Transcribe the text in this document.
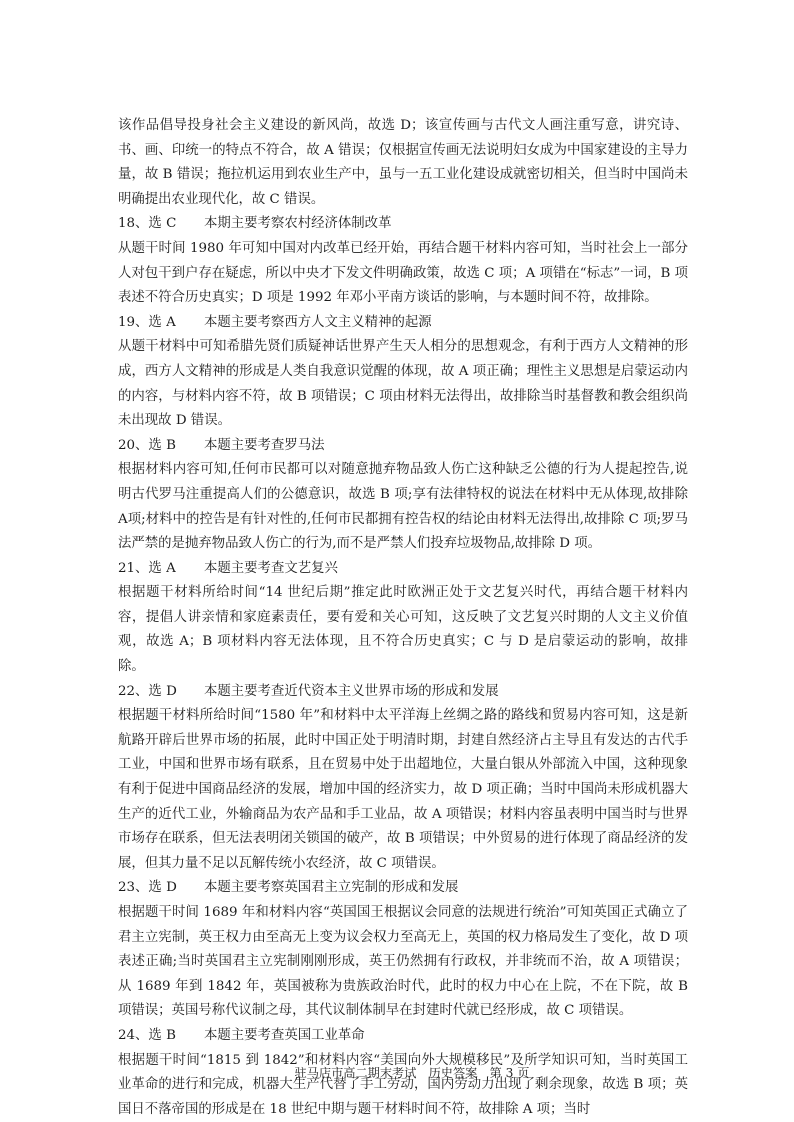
该作品倡导投身社会主义建设的新风尚，故选 D；该宣传画与古代文人画注重写意，讲究诗、书、画、印统一的特点不符合，故 A 错误；仅根据宣传画无法说明妇女成为中国家建设的主导力量，故 B 错误；拖拉机运用到农业生产中，虽与一五工业化建设成就密切相关，但当时中国尚未明确提出农业现代化，故 C 错误。

18、选 C 本期主要考察农村经济体制改革

从题干时间 1980 年可知中国对内改革已经开始，再结合题干材料内容可知，当时社会上一部分人对包干到户存在疑虑，所以中央才下发文件明确政策，故选 C 项；A 项错在“标志”一词，B 项表述不符合历史真实；D 项是 1992 年邓小平南方谈话的影响，与本题时间不符，故排除。

19、选 A 本题主要考察西方人文主义精神的起源

从题干材料中可知希腊先贤们质疑神话世界产生天人相分的思想观念，有利于西方人文精神的形成，西方人文精神的形成是人类自我意识觉醒的体现，故 A 项正确；理性主义思想是启蒙运动内的内容，与材料内容不符，故 B 项错误；C 项由材料无法得出，故排除当时基督教和教会组织尚未出现故 D 错误。

20、选 B 本题主要考查罗马法

根据材料内容可知,任何市民都可以对随意抛弃物品致人伤亡这种缺乏公德的行为人提起控告,说明古代罗马注重提高人们的公德意识，故选 B 项;享有法律特权的说法在材料中无从体现,故排除A项;材料中的控告是有针对性的,任何市民都拥有控告权的结论由材料无法得出,故排除 C 项;罗马法严禁的是抛弃物品致人伤亡的行为,而不是严禁人们投弃垃圾物品,故排除 D 项。

21、选 A 本题主要考查文艺复兴

根据题干材料所给时间“14 世纪后期”推定此时欧洲正处于文艺复兴时代，再结合题干材料内容，提倡人讲亲情和家庭素责任，要有爱和关心可知，这反映了文艺复兴时期的人文主义价值观，故选 A；B 项材料内容无法体现，且不符合历史真实；C 与 D 是启蒙运动的影响，故排除。

22、选 D 本题主要考查近代资本主义世界市场的形成和发展

根据题干材料所给时间“1580 年”和材料中太平洋海上丝绸之路的路线和贸易内容可知，这是新航路开辟后世界市场的拓展，此时中国正处于明清时期，封建自然经济占主导且有发达的古代手工业，中国和世界市场有联系，且在贸易中处于出超地位，大量白银从外部流入中国，这种现象有利于促进中国商品经济的发展，增加中国的经济实力，故 D 项正确；当时中国尚未形成机器大生产的近代工业，外输商品为农产品和手工业品，故 A 项错误；材料内容虽表明中国当时与世界市场存在联系，但无法表明闭关锁国的破产，故 B 项错误；中外贸易的进行体现了商品经济的发展，但其力量不足以瓦解传统小农经济，故 C 项错误。

23、选 D 本题主要考察英国君主立宪制的形成和发展

根据题干时间 1689 年和材料内容“英国国王根据议会同意的法规进行统治”可知英国正式确立了君主立宪制，英王权力由至高无上变为议会权力至高无上，英国的权力格局发生了变化，故 D 项表述正确;当时英国君主立宪制刚刚形成，英王仍然拥有行政权，并非统而不治，故 A 项错误；从 1689 年到 1842 年，英国被称为贵族政治时代，此时的权力中心在上院，不在下院，故 B 项错误；英国号称代议制之母，其代议制体制早在封建时代就已经形成，故 C 项错误。

24、选 B 本题主要考查英国工业革命

根据题干时间“1815 到 1842”和材料内容“美国向外大规模移民”及所学知识可知，当时英国工业革命的进行和完成，机器大生产代替了手工劳动，国内劳动力出现了剩余现象，故选 B 项；英国日不落帝国的形成是在 18 世纪中期与题干材料时间不符，故排除 A 项；当时

驻马店市高二期末考试　历史答案　第 3 页
